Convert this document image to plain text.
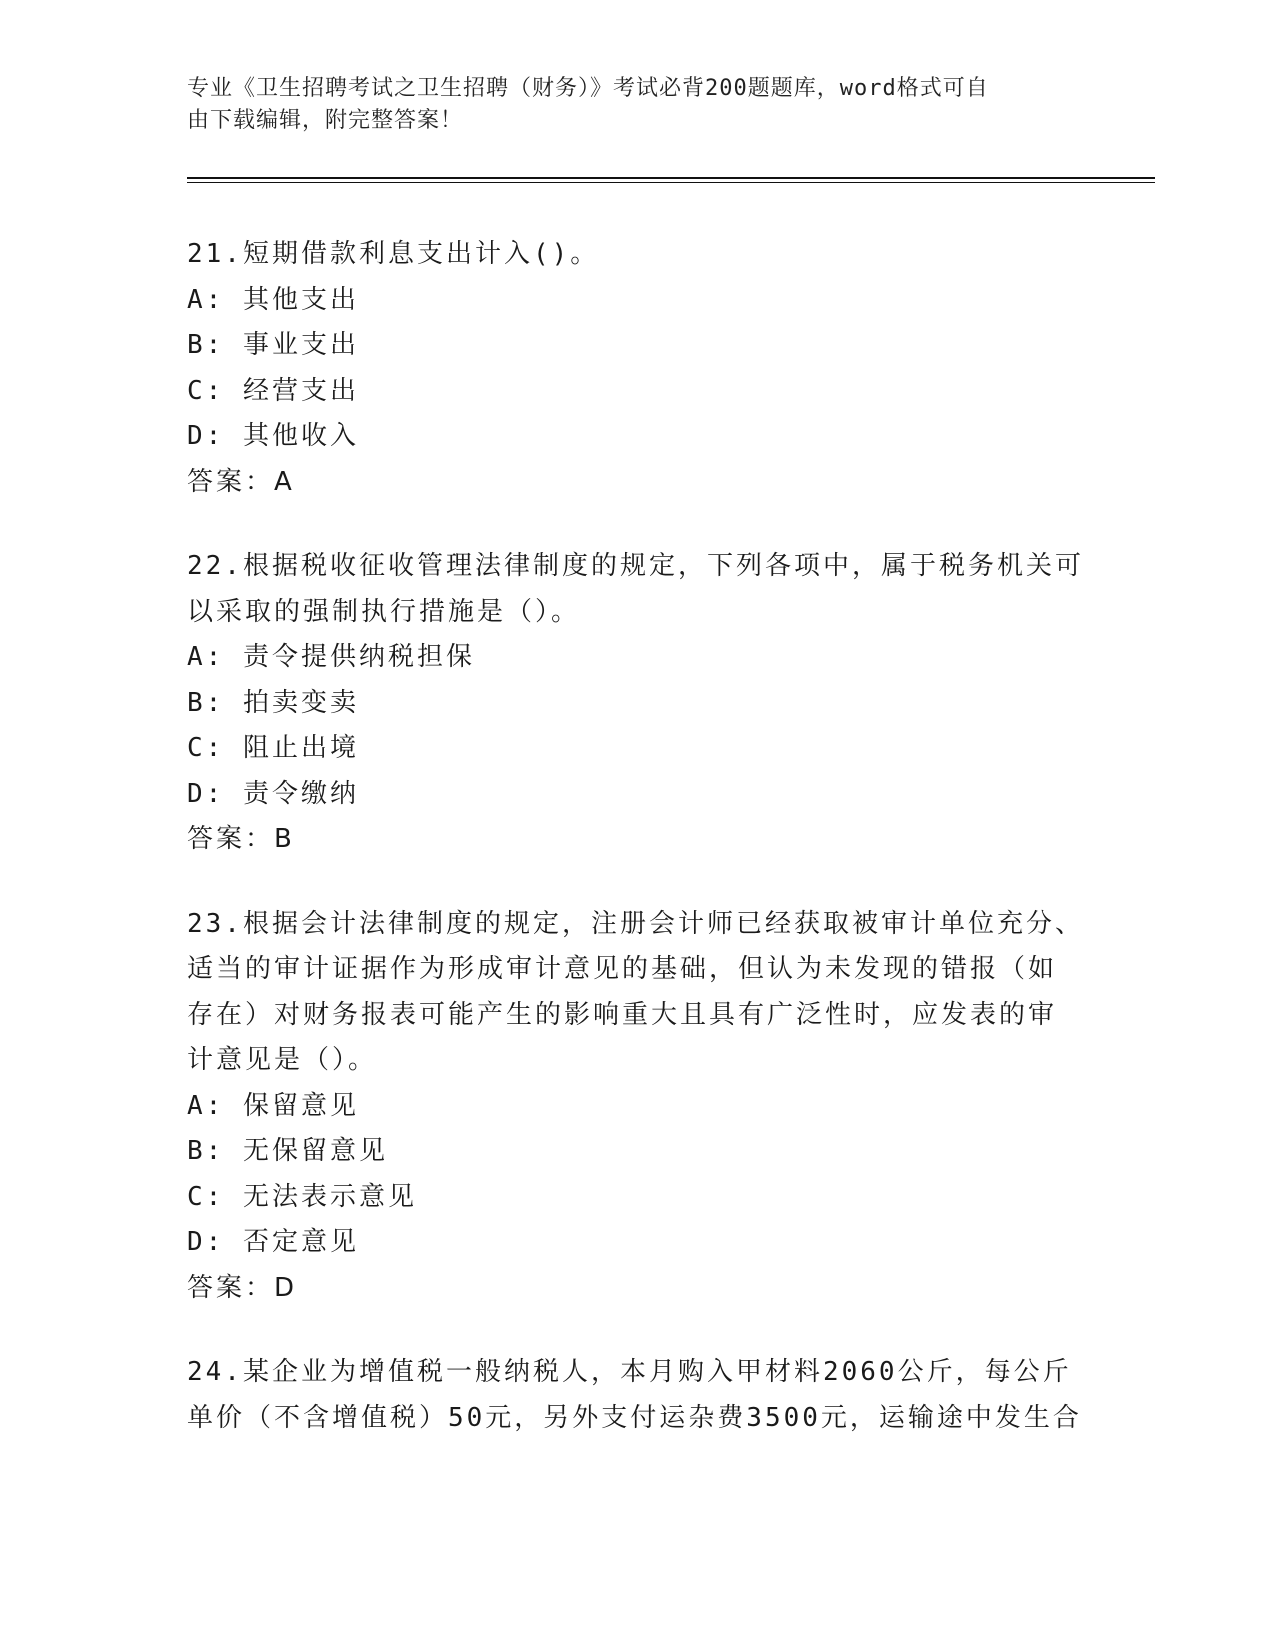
专业《卫生招聘考试之卫生招聘（财务）》考试必背200题题库，word格式可自
由下载编辑，附完整答案！
21.短期借款利息支出计入()。
A: 其他支出
B: 事业支出
C: 经营支出
D: 其他收入
答案：A
22.根据税收征收管理法律制度的规定，下列各项中，属于税务机关可
以采取的强制执行措施是（）。
A: 责令提供纳税担保
B: 拍卖变卖
C: 阻止出境
D: 责令缴纳
答案：B
23.根据会计法律制度的规定，注册会计师已经获取被审计单位充分、
适当的审计证据作为形成审计意见的基础，但认为未发现的错报（如
存在）对财务报表可能产生的影响重大且具有广泛性时，应发表的审
计意见是（）。
A: 保留意见
B: 无保留意见
C: 无法表示意见
D: 否定意见
答案：D
24.某企业为增值税一般纳税人，本月购入甲材料2060公斤，每公斤
单价（不含增值税）50元，另外支付运杂费3500元，运输途中发生合
